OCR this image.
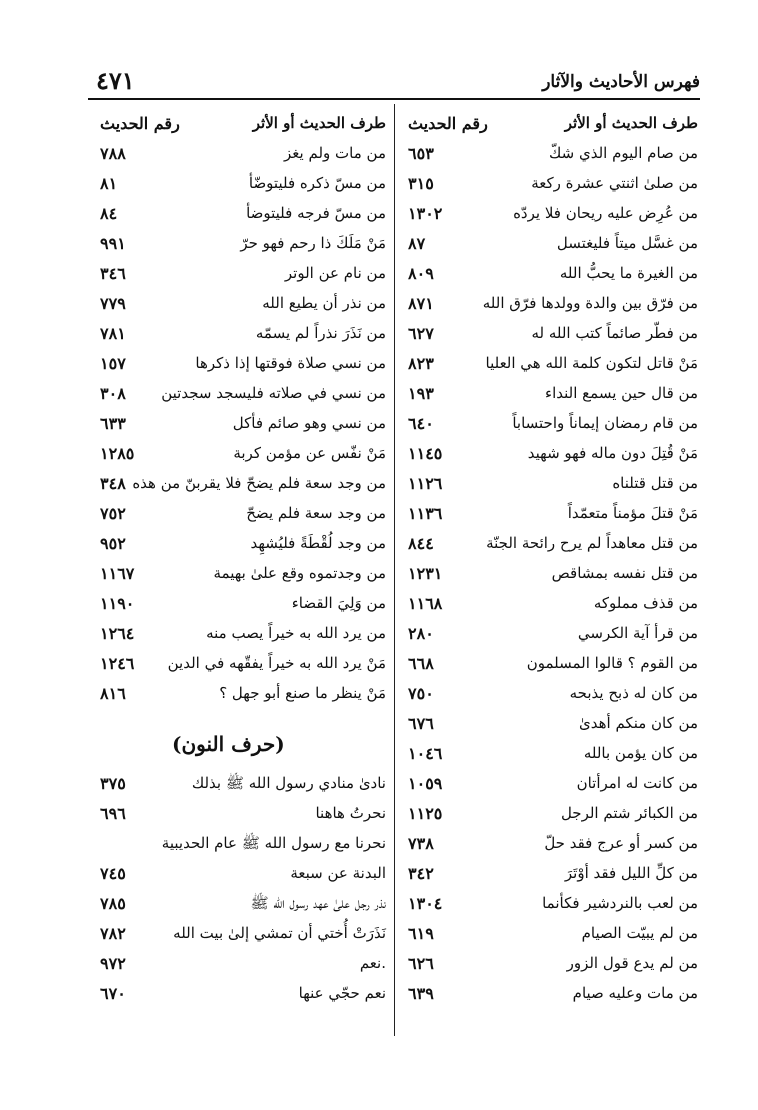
٤٧١	فهرس الأحاديث والآثار
طرف الحديث أو الأثر
رقم الحديث
من صام اليوم الذي شكّ
٦٥٣
من صلىٰ اثنتي عشرة ركعة
٣١٥
من عُرِض عليه ريحان فلا يردّه
١٣٠٢
من غسَّل ميتاً فليغتسل
٨٧
من الغيرة ما يحبُّ الله
٨٠٩
من فرّق بين والدة وولدها فرّق الله
٨٧١
من فطّر صائماً كتب الله له
٦٢٧
مَنْ قاتل لتكون كلمة الله هي العليا
٨٢٣
من قال حين يسمع النداء
١٩٣
من قام رمضان إيماناً واحتساباً
٦٤٠
مَنْ قُتِلَ دون ماله فهو شهيد
١١٤٥
من قتل قتلناه
١١٢٦
مَنْ قتلَ مؤمناً متعمّداً
١١٣٦
من قتل معاهداً لم يرح رائحة الجنّة
٨٤٤
من قتل نفسه بمشاقص
١٢٣١
من قذف مملوكه
١١٦٨
من قرأ آية الكرسي
٢٨٠
من القوم ؟ قالوا المسلمون
٦٦٨
من كان له ذبح يذبحه
٧٥٠
من كان منكم أهدىٰ
٦٧٦
من كان يؤمن بالله
١٠٤٦
من كانت له امرأتان
١٠٥٩
من الكبائر شتم الرجل
١١٢٥
من كسر أو عرج فقد حلّ
٧٣٨
من كلِّ الليل فقد أوْتَرَ
٣٤٢
من لعب بالنردشير فكأنما
١٣٠٤
من لم يبيّت الصيام
٦١٩
من لم يدع قول الزور
٦٢٦
من مات وعليه صيام
٦٣٩
طرف الحديث أو الأثر
رقم الحديث
من مات ولم يغز
٧٨٨
من مسّ ذكره فليتوضّأ
٨١
من مسّ فرجه فليتوضأ
٨٤
مَنْ مَلَكَ ذا رحم فهو حرّ
٩٩١
من نام عن الوتر
٣٤٦
من نذر أن يطيع الله
٧٧٩
من نَذَرَ نذراً لم يسمّه
٧٨١
من نسي صلاة فوقتها إذا ذكرها
١٥٧
من نسي في صلاته فليسجد سجدتين
٣٠٨
من نسي وهو صائم فأكل
٦٣٣
مَنْ نفّس عن مؤمن كربة
١٢٨٥
من وجد سعة فلم يضحّ فلا يقربنّ من هذه
٣٤٨
من وجد سعة فلم يضحّ
٧٥٢
من وجد لُقْطَةً فليُشهِد
٩٥٢
من وجدتموه وقع علىٰ بهيمة
١١٦٧
من وَلِيَ القضاء
١١٩٠
من يرد الله به خيراً يصب منه
١٢٦٤
مَنْ يرد الله به خيراً يفقّهه في الدين
١٢٤٦
مَنْ ينظر ما صنع أبو جهل ؟
٨١٦
(حرف النون)
نادىٰ منادي رسول الله ﷺ بذلك
٣٧٥
نحرتُ هاهنا
٦٩٦
نحرنا مع رسول الله ﷺ عام الحديبية
البدنة عن سبعة
٧٤٥
نذر رجل علىٰ عهد رسول الله ﷺ
٧٨٥
نَذَرَتْ أُختي أن تمشي إلىٰ بيت الله
٧٨٢
.نعم
٩٧٢
نعم حجّي عنها
٦٧٠
